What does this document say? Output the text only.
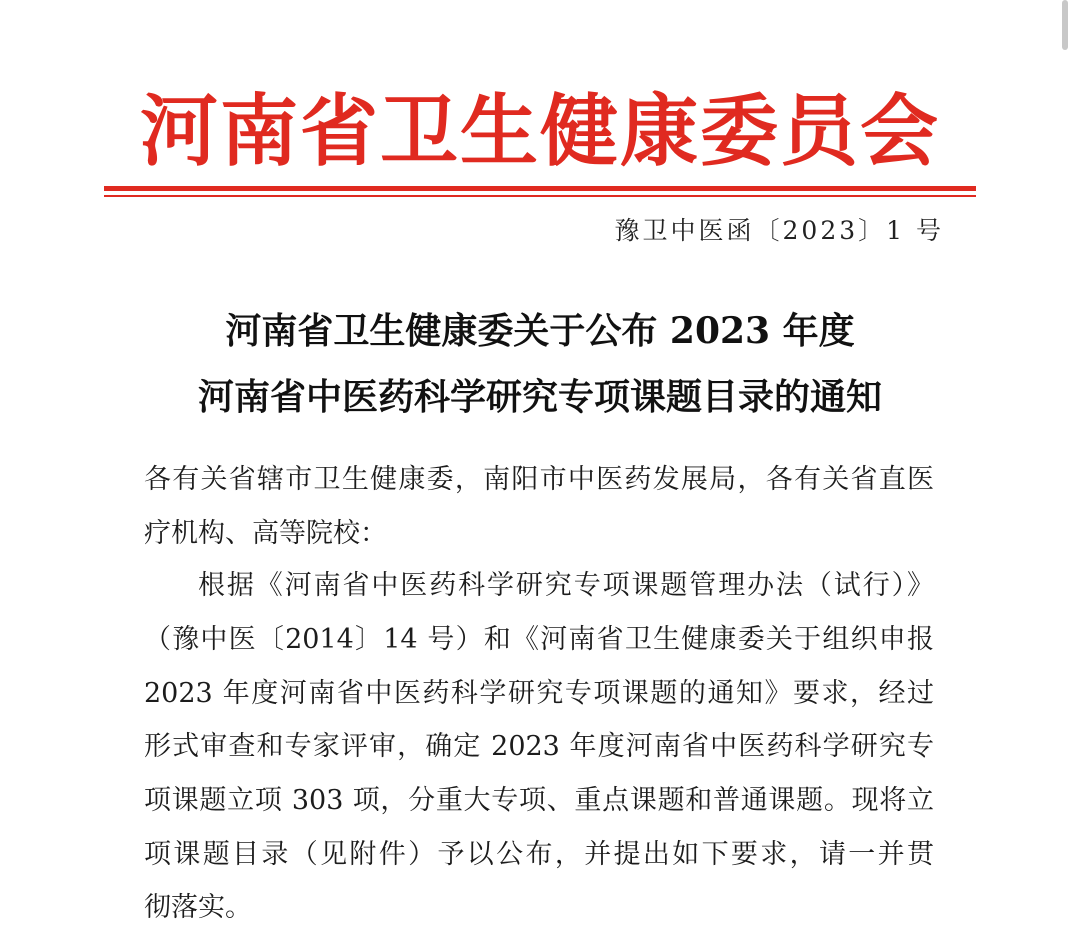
河南省卫生健康委员会
豫卫中医函〔2023〕1 号
河南省卫生健康委关于公布 2023 年度
河南省中医药科学研究专项课题目录的通知
各有关省辖市卫生健康委，南阳市中医药发展局，各有关省直医
疗机构、高等院校：
根据《河南省中医药科学研究专项课题管理办法（试行）》
（豫中医〔2014〕14 号）和《河南省卫生健康委关于组织申报
2023 年度河南省中医药科学研究专项课题的通知》要求，经过
形式审查和专家评审，确定 2023 年度河南省中医药科学研究专
项课题立项 303 项，分重大专项、重点课题和普通课题。现将立
项课题目录（见附件）予以公布，并提出如下要求，请一并贯
彻落实。
